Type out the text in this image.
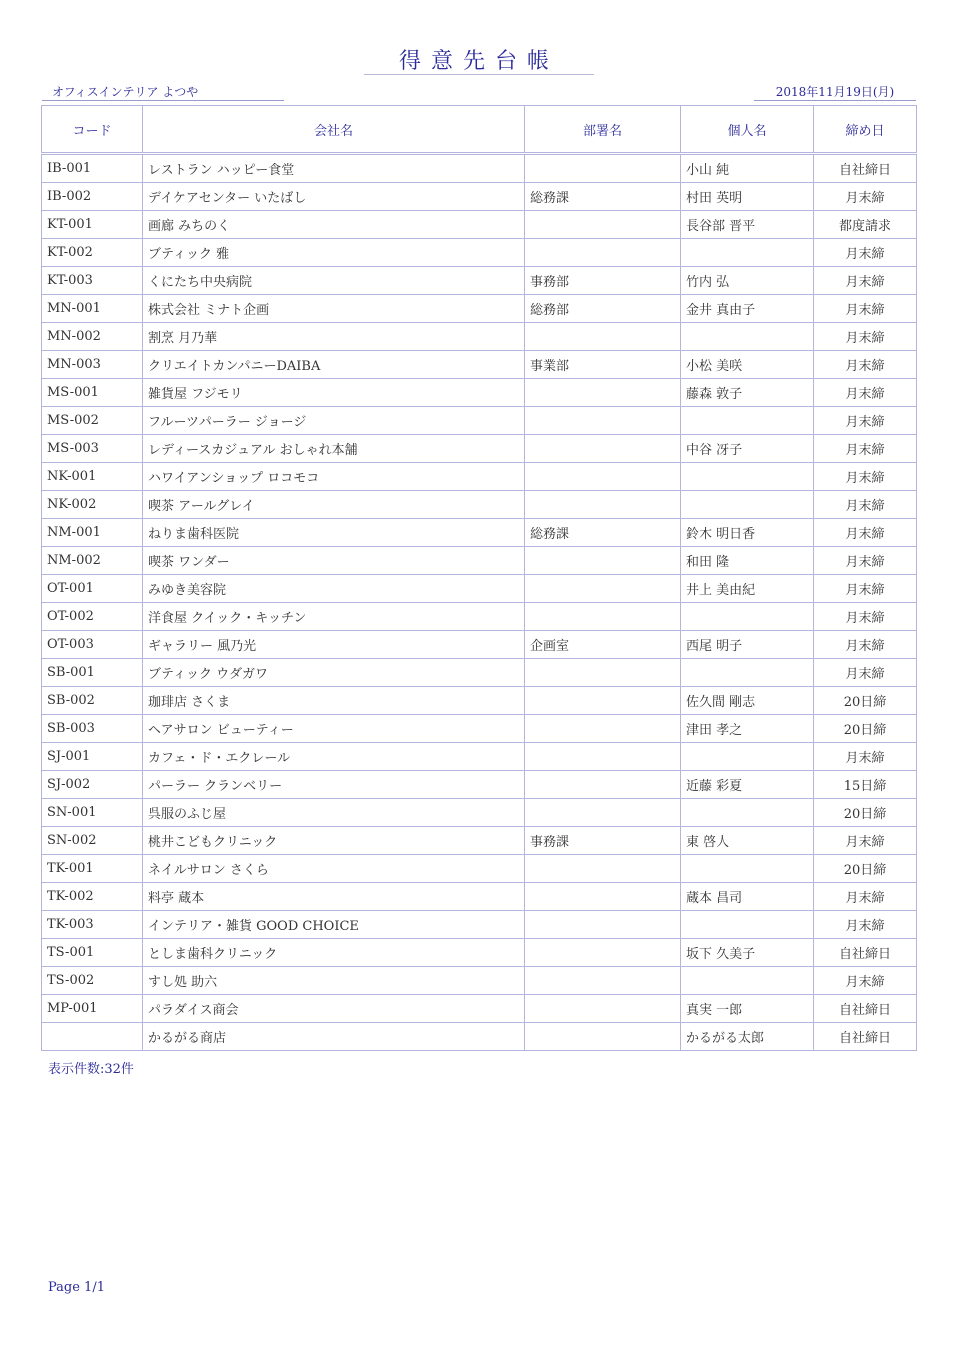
得意先台帳
オフィスインテリア よつや	2018年11月19日(月)
コード	会社名	部署名	個人名	締め日
IB-001	レストラン ハッピー食堂		小山 純	自社締日
IB-002	デイケアセンター いたばし	総務課	村田 英明	月末締
KT-001	画廊 みちのく		長谷部 晋平	都度請求
KT-002	ブティック 雅			月末締
KT-003	くにたち中央病院	事務部	竹内 弘	月末締
MN-001	株式会社 ミナト企画	総務部	金井 真由子	月末締
MN-002	割烹 月乃華			月末締
MN-003	クリエイトカンパニーDAIBA	事業部	小松 美咲	月末締
MS-001	雑貨屋 フジモリ		藤森 敦子	月末締
MS-002	フルーツパーラー ジョージ			月末締
MS-003	レディースカジュアル おしゃれ本舗		中谷 冴子	月末締
NK-001	ハワイアンショップ ロコモコ			月末締
NK-002	喫茶 アールグレイ			月末締
NM-001	ねりま歯科医院	総務課	鈴木 明日香	月末締
NM-002	喫茶 ワンダー		和田 隆	月末締
OT-001	みゆき美容院		井上 美由紀	月末締
OT-002	洋食屋 クイック・キッチン			月末締
OT-003	ギャラリー 風乃光	企画室	西尾 明子	月末締
SB-001	ブティック ウダガワ			月末締
SB-002	珈琲店 さくま		佐久間 剛志	20日締
SB-003	ヘアサロン ビューティー		津田 孝之	20日締
SJ-001	カフェ・ド・エクレール			月末締
SJ-002	パーラー クランベリー		近藤 彩夏	15日締
SN-001	呉服のふじ屋			20日締
SN-002	桃井こどもクリニック	事務課	東 啓人	月末締
TK-001	ネイルサロン さくら			20日締
TK-002	料亭 蔵本		蔵本 昌司	月末締
TK-003	インテリア・雑貨 GOOD CHOICE			月末締
TS-001	としま歯科クリニック		坂下 久美子	自社締日
TS-002	すし処 助六			月末締
MP-001	パラダイス商会		真実 一郎	自社締日
	かるがる商店		かるがる太郎	自社締日
表示件数:32件
Page 1/1
